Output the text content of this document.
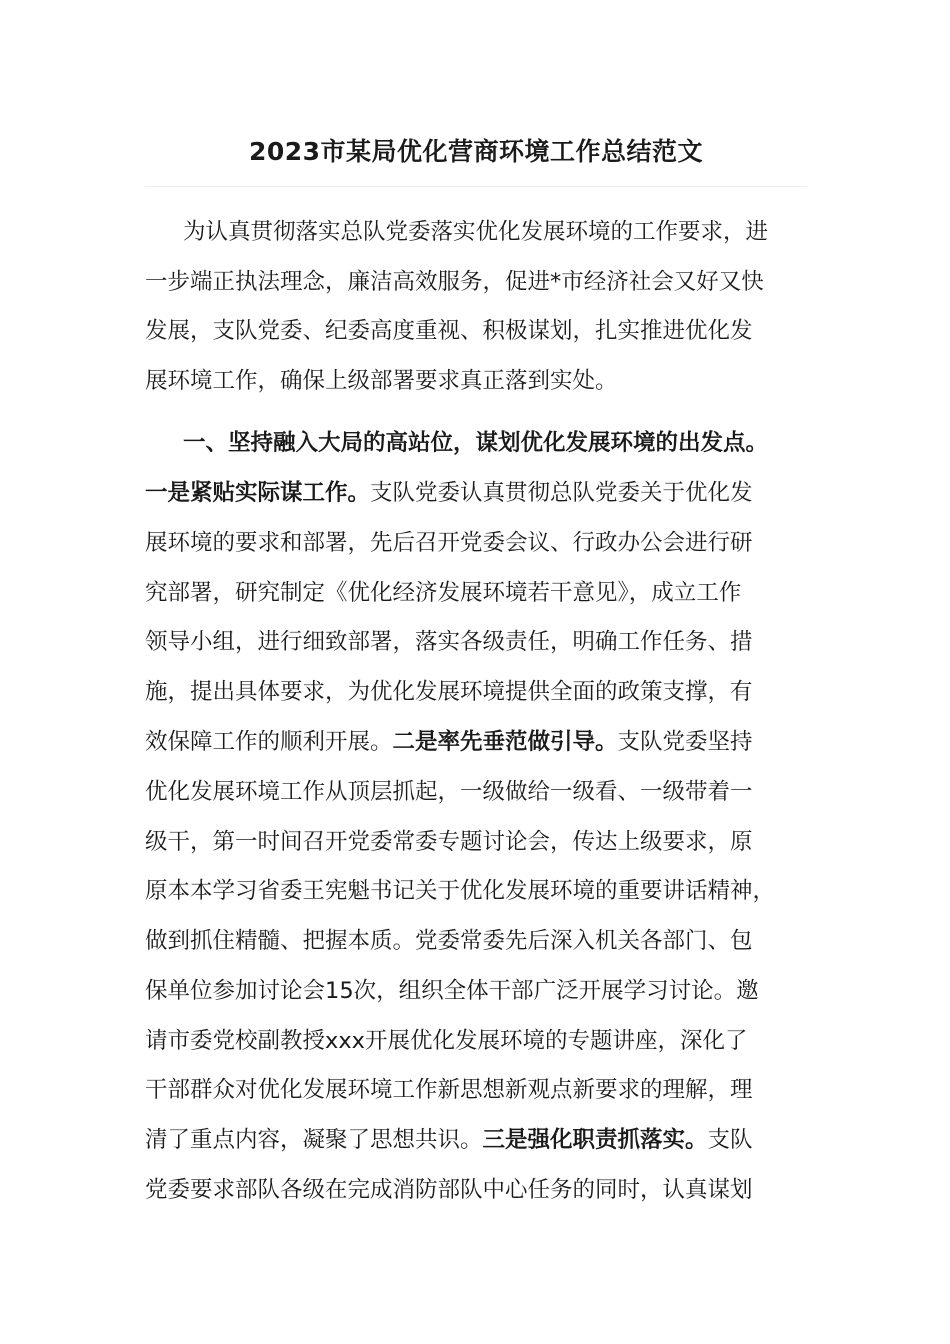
2023市某局优化营商环境工作总结范文
为认真贯彻落实总队党委落实优化发展环境的工作要求，进
一步端正执法理念，廉洁高效服务，促进*市经济社会又好又快
发展，支队党委、纪委高度重视、积极谋划，扎实推进优化发
展环境工作，确保上级部署要求真正落到实处。
一、坚持融入大局的高站位，谋划优化发展环境的出发点。
一是紧贴实际谋工作。支队党委认真贯彻总队党委关于优化发
展环境的要求和部署，先后召开党委会议、行政办公会进行研
究部署，研究制定《优化经济发展环境若干意见》，成立工作
领导小组，进行细致部署，落实各级责任，明确工作任务、措
施，提出具体要求，为优化发展环境提供全面的政策支撑，有
效保障工作的顺利开展。二是率先垂范做引导。支队党委坚持
优化发展环境工作从顶层抓起，一级做给一级看、一级带着一
级干，第一时间召开党委常委专题讨论会，传达上级要求，原
原本本学习省委王宪魁书记关于优化发展环境的重要讲话精神，
做到抓住精髓、把握本质。党委常委先后深入机关各部门、包
保单位参加讨论会15次，组织全体干部广泛开展学习讨论。邀
请市委党校副教授xxx开展优化发展环境的专题讲座，深化了
干部群众对优化发展环境工作新思想新观点新要求的理解，理
清了重点内容，凝聚了思想共识。三是强化职责抓落实。支队
党委要求部队各级在完成消防部队中心任务的同时，认真谋划
